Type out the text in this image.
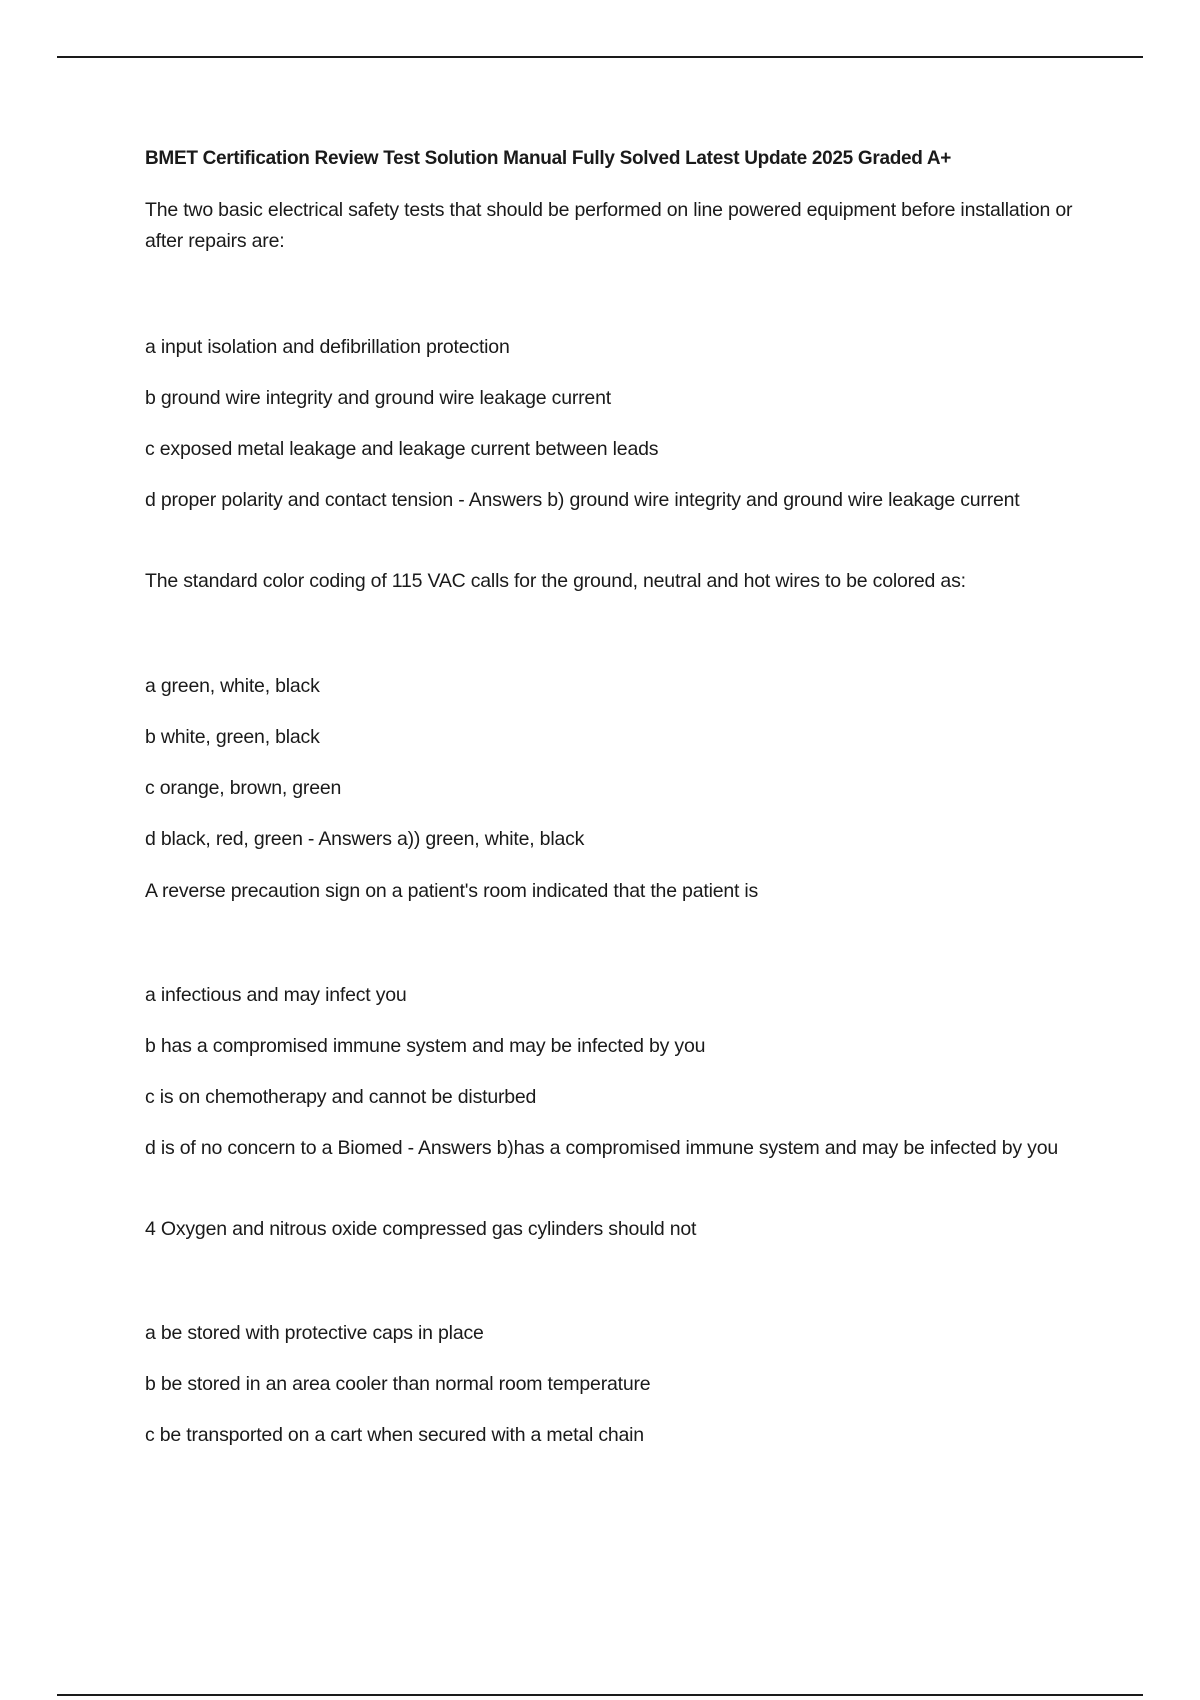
BMET Certification Review Test Solution Manual Fully Solved Latest Update 2025 Graded A+
The two basic electrical safety tests that should be performed on line powered equipment before installation or after repairs are:
a input isolation and defibrillation protection
b ground wire integrity and ground wire leakage current
c exposed metal leakage and leakage current between leads
d proper polarity and contact tension - Answers b) ground wire integrity and ground wire leakage current
The standard color coding of 115 VAC calls for the ground, neutral and hot wires to be colored as:
a green, white, black
b white, green, black
c orange, brown, green
d black, red, green - Answers a)) green, white, black
A reverse precaution sign on a patient's room indicated that the patient is
a infectious and may infect you
b has a compromised immune system and may be infected by you
c is on chemotherapy and cannot be disturbed
d is of no concern to a Biomed - Answers b)has a compromised immune system and may be infected by you
4 Oxygen and nitrous oxide compressed gas cylinders should not
a be stored with protective caps in place
b be stored in an area cooler than normal room temperature
c be transported on a cart when secured with a metal chain
